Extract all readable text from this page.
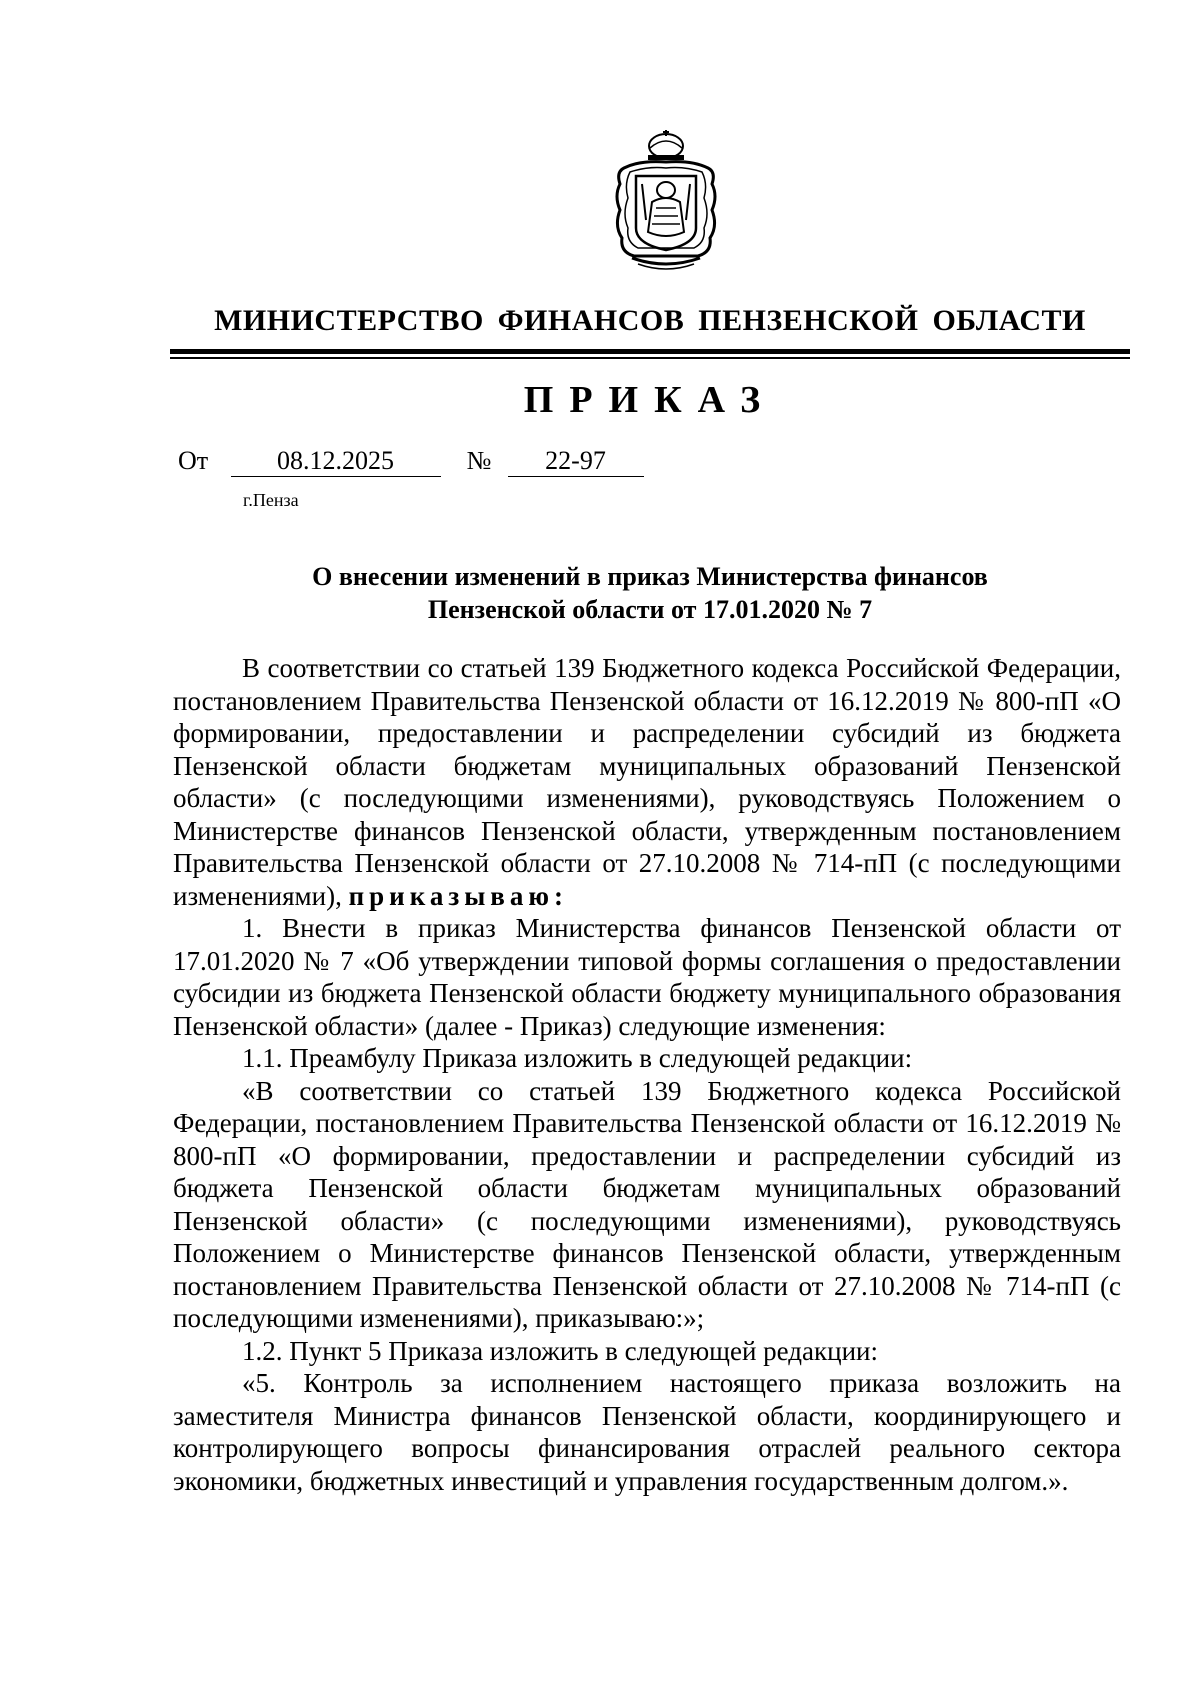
МИНИСТЕРСТВО ФИНАНСОВ ПЕНЗЕНСКОЙ ОБЛАСТИ
ПРИКАЗ
От	08.12.2025	№ 22-97
г.Пенза
О внесении изменений в приказ Министерства финансов
Пензенской области от 17.01.2020 № 7

В соответствии со статьей 139 Бюджетного кодекса Российской Федерации, постановлением Правительства Пензенской области от 16.12.2019 № 800-пП «О формировании, предоставлении и распределении субсидий из бюджета Пензенской области бюджетам муниципальных образований Пензенской области» (с последующими изменениями), руководствуясь Положением о Министерстве финансов Пензенской области, утвержденным постановлением Правительства Пензенской области от 27.10.2008 № 714-пП (с последующими изменениями), приказываю:

1. Внести в приказ Министерства финансов Пензенской области от 17.01.2020 № 7 «Об утверждении типовой формы соглашения о предоставлении субсидии из бюджета Пензенской области бюджету муниципального образования Пензенской области» (далее - Приказ) следующие изменения:

1.1. Преамбулу Приказа изложить в следующей редакции:

«В соответствии со статьей 139 Бюджетного кодекса Российской Федерации, постановлением Правительства Пензенской области от 16.12.2019 № 800-пП «О формировании, предоставлении и распределении субсидий из бюджета Пензенской области бюджетам муниципальных образований Пензенской области» (с последующими изменениями), руководствуясь Положением о Министерстве финансов Пензенской области, утвержденным постановлением Правительства Пензенской области от 27.10.2008 № 714-пП (с последующими изменениями), приказываю:»;

1.2. Пункт 5 Приказа изложить в следующей редакции:

«5. Контроль за исполнением настоящего приказа возложить на заместителя Министра финансов Пензенской области, координирующего и контролирующего вопросы финансирования отраслей реального сектора экономики, бюджетных инвестиций и управления государственным долгом.».
